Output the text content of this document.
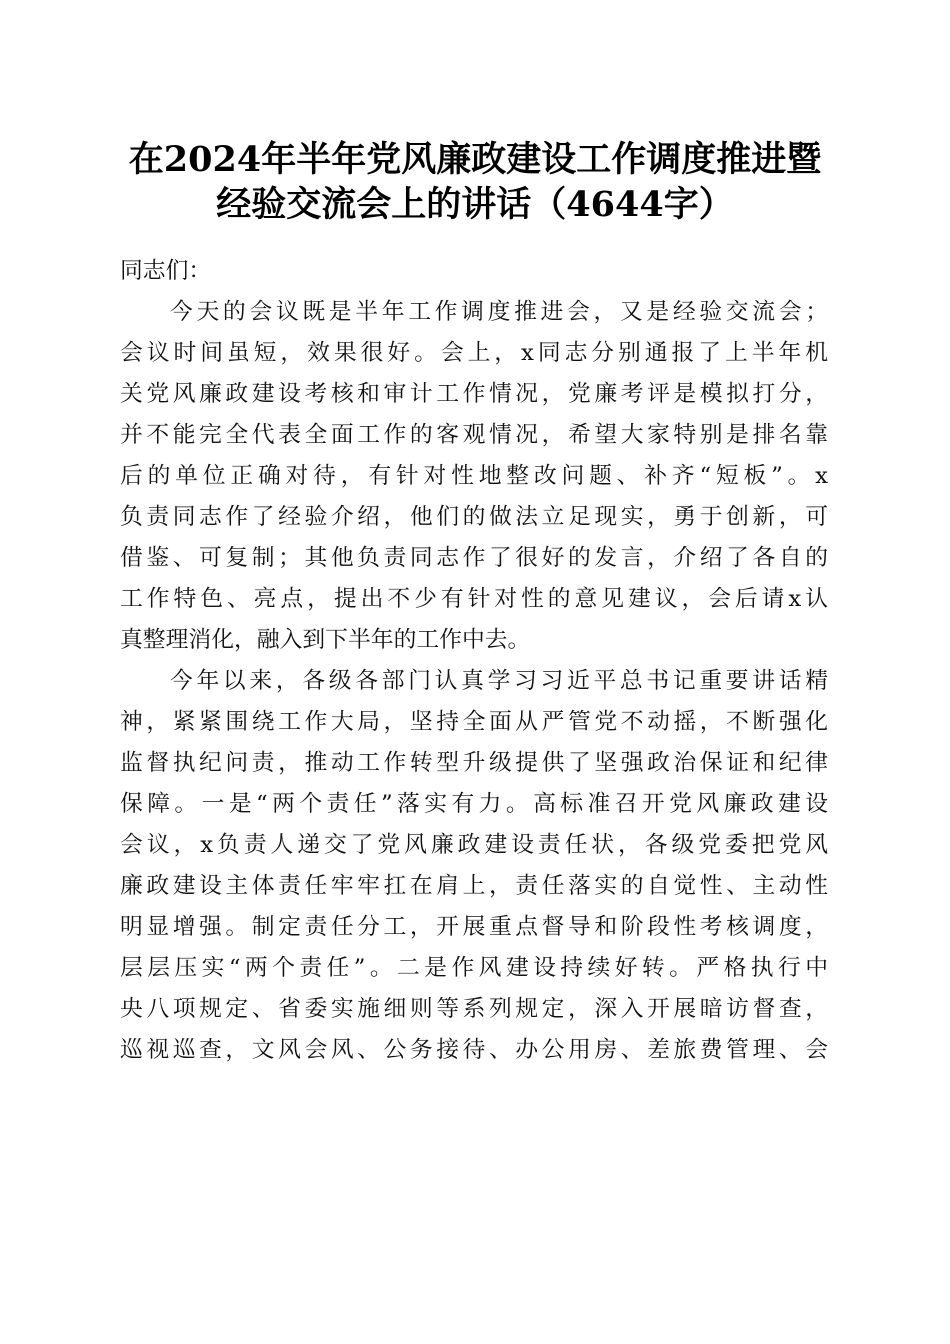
在2024年半年党风廉政建设工作调度推进暨
经验交流会上的讲话（4644字）
同志们：
今天的会议既是半年工作调度推进会，又是经验交流会；
会议时间虽短，效果很好。会上，x同志分别通报了上半年机
关党风廉政建设考核和审计工作情况，党廉考评是模拟打分，
并不能完全代表全面工作的客观情况，希望大家特别是排名靠
后的单位正确对待，有针对性地整改问题、补齐“短板”。x
负责同志作了经验介绍，他们的做法立足现实，勇于创新，可
借鉴、可复制；其他负责同志作了很好的发言，介绍了各自的
工作特色、亮点，提出不少有针对性的意见建议，会后请x认
真整理消化，融入到下半年的工作中去。
今年以来，各级各部门认真学习习近平总书记重要讲话精
神，紧紧围绕工作大局，坚持全面从严管党不动摇，不断强化
监督执纪问责，推动工作转型升级提供了坚强政治保证和纪律
保障。一是“两个责任”落实有力。高标准召开党风廉政建设
会议，x负责人递交了党风廉政建设责任状，各级党委把党风
廉政建设主体责任牢牢扛在肩上，责任落实的自觉性、主动性
明显增强。制定责任分工，开展重点督导和阶段性考核调度，
层层压实“两个责任”。二是作风建设持续好转。严格执行中
央八项规定、省委实施细则等系列规定，深入开展暗访督查，
巡视巡查，文风会风、公务接待、办公用房、差旅费管理、会
